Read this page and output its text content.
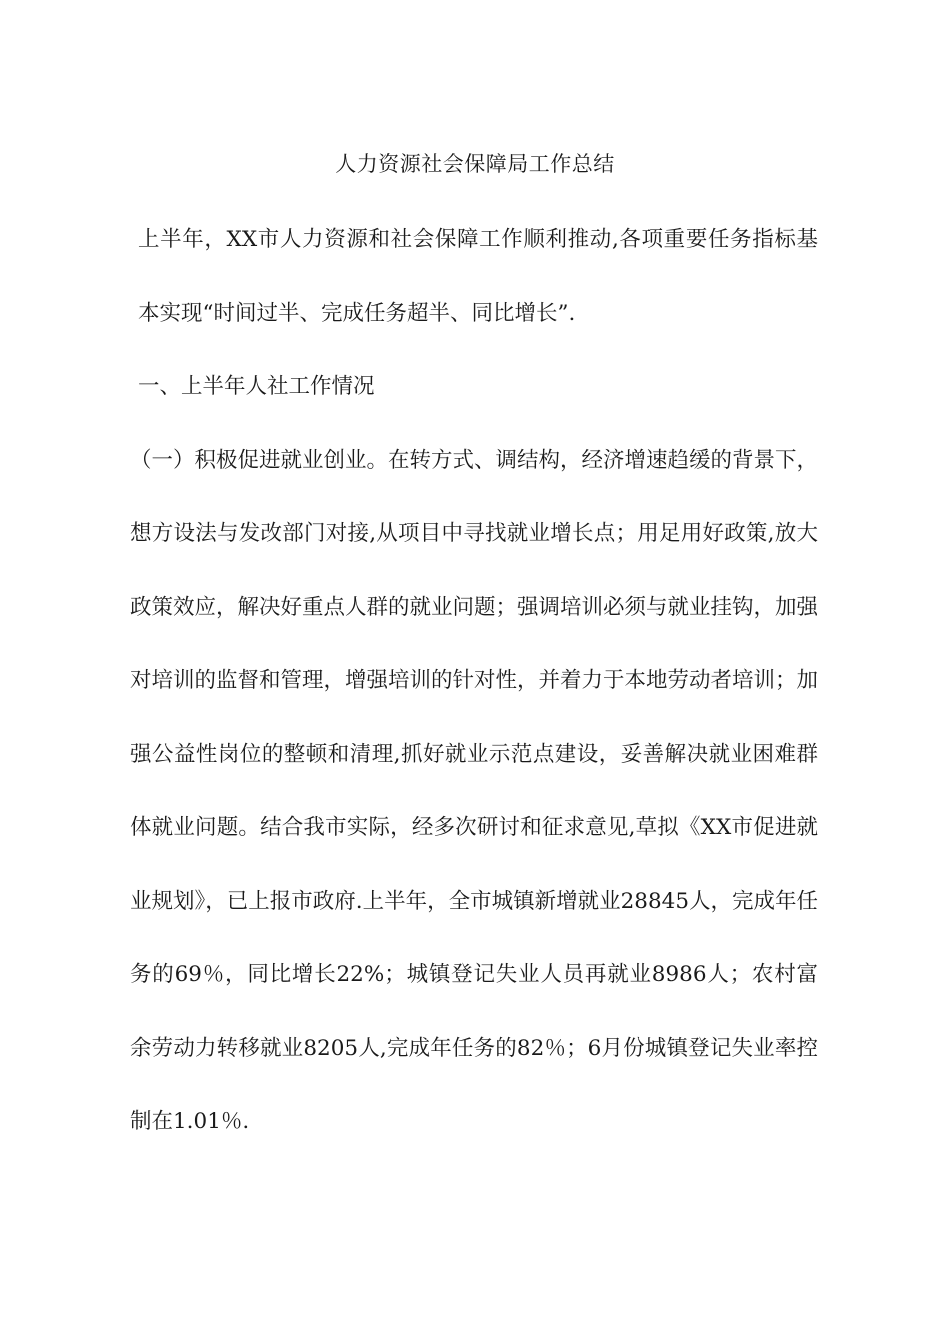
人力资源社会保障局工作总结

上半年，XX市人力资源和社会保障工作顺利推动,各项重要任务指标基本实现“时间过半、完成任务超半、同比增长”.

一、上半年人社工作情况

（一）积极促进就业创业。在转方式、调结构，经济增速趋缓的背景下，想方设法与发改部门对接,从项目中寻找就业增长点；用足用好政策,放大政策效应，解决好重点人群的就业问题；强调培训必须与就业挂钩，加强对培训的监督和管理，增强培训的针对性，并着力于本地劳动者培训；加强公益性岗位的整顿和清理,抓好就业示范点建设，妥善解决就业困难群体就业问题。结合我市实际，经多次研讨和征求意见,草拟《XX市促进就业规划》，已上报市政府.上半年，全市城镇新增就业28845人，完成年任务的69％，同比增长22%；城镇登记失业人员再就业8986人；农村富余劳动力转移就业8205人,完成年任务的82％；6月份城镇登记失业率控制在1.01％.
